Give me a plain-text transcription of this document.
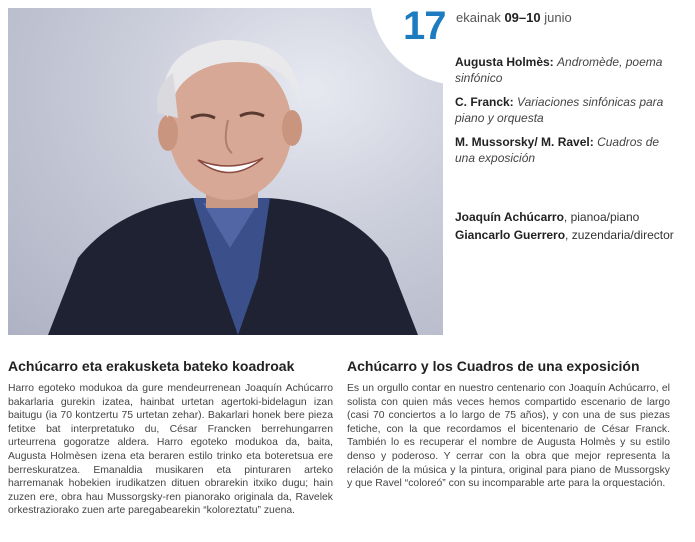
17 ekainak 09–10 junio

Augusta Holmès: Andromède, poema sinfónico

C. Franck: Variaciones sinfónicas para piano y orquesta

M. Mussorsky/ M. Ravel: Cuadros de una exposición

Joaquín Achúcarro, pianoa/piano
Giancarlo Guerrero, zuzendaria/director
Achúcarro eta erakusketa bateko koadroak

Harro egoteko modukoa da gure mendeurrenean Joaquín Achúcarro bakarlaria gurekin izatea, hainbat urtetan agertoki-bidelagun izan baitugu (ia 70 kontzertu 75 urtetan zehar). Bakarlari honek bere pieza fetitxe bat interpretatuko du, César Francken berrehungarren urteurrena gogoratze aldera. Harro egoteko modukoa da, baita, Augusta Holmèsen izena eta beraren estilo trinko eta boteretsua ere berreskuratzea. Emanaldia musikaren eta pinturaren arteko harremanak hobekien irudikatzen dituen obrarekin itxiko dugu; hain zuzen ere, obra hau Mussorgsky-ren pianorako originala da, Ravelek orkestraziorako zuen arte paregabearekin “koloreztatu” zuena.

Achúcarro y los Cuadros de una exposición

Es un orgullo contar en nuestro centenario con Joaquín Achúcarro, el solista con quien más veces hemos compartido escenario de largo (casi 70 conciertos a lo largo de 75 años), y con una de sus piezas fetiche, con la que recordamos el bicentenario de César Franck. También lo es recuperar el nombre de Augusta Holmès y su estilo denso y poderoso. Y cerrar con la obra que mejor representa la relación de la música y la pintura, original para piano de Mussorgsky y que Ravel “coloreó” con su incomparable arte para la orquestación.
